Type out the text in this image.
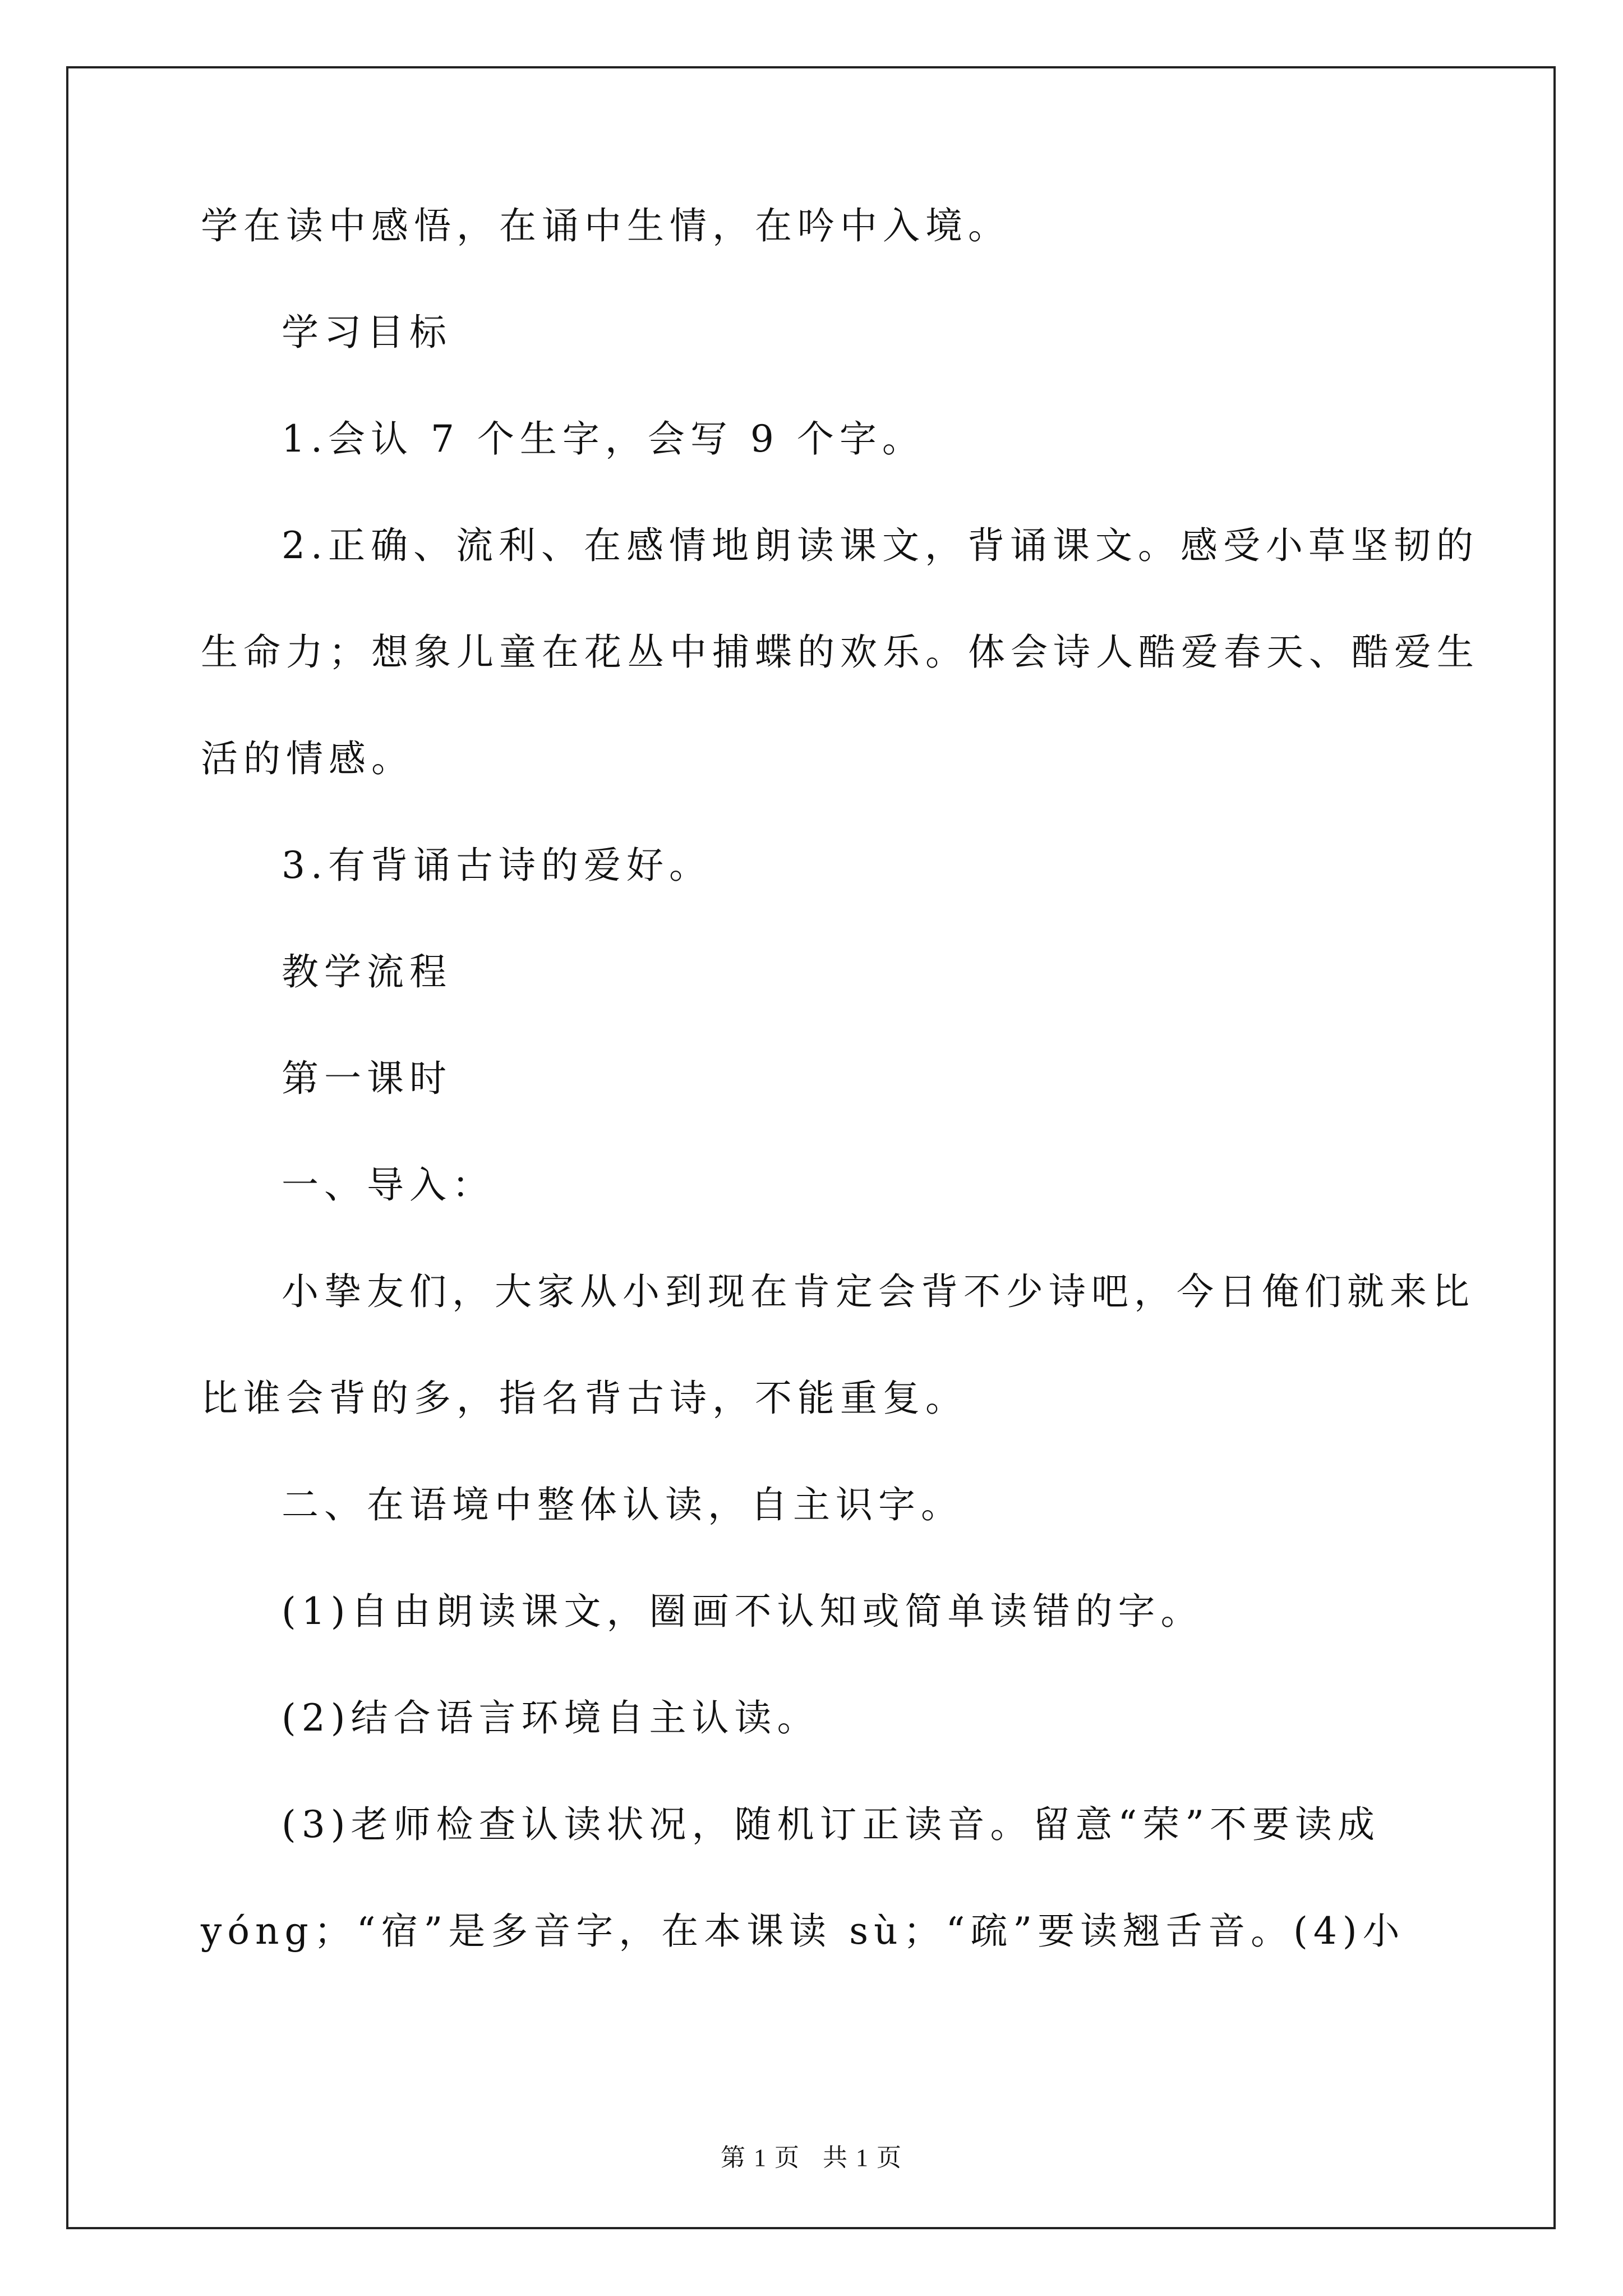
学在读中感悟，在诵中生情，在吟中入境。
学习目标
1.会认 7 个生字，会写 9 个字。
2.正确、流利、在感情地朗读课文，背诵课文。感受小草坚韧的
生命力；想象儿童在花丛中捕蝶的欢乐。体会诗人酷爱春天、酷爱生
活的情感。
3.有背诵古诗的爱好。
教学流程
第一课时
一、导入：
小挚友们，大家从小到现在肯定会背不少诗吧，今日俺们就来比
比谁会背的多，指名背古诗，不能重复。
二、在语境中整体认读，自主识字。
(1)自由朗读课文，圈画不认知或简单读错的字。
(2)结合语言环境自主认读。
(3)老师检查认读状况，随机订正读音。留意“荣”不要读成
yóng；“宿”是多音字，在本课读 sù；“疏”要读翘舌音。(4)小
第 1 页 共 1 页
